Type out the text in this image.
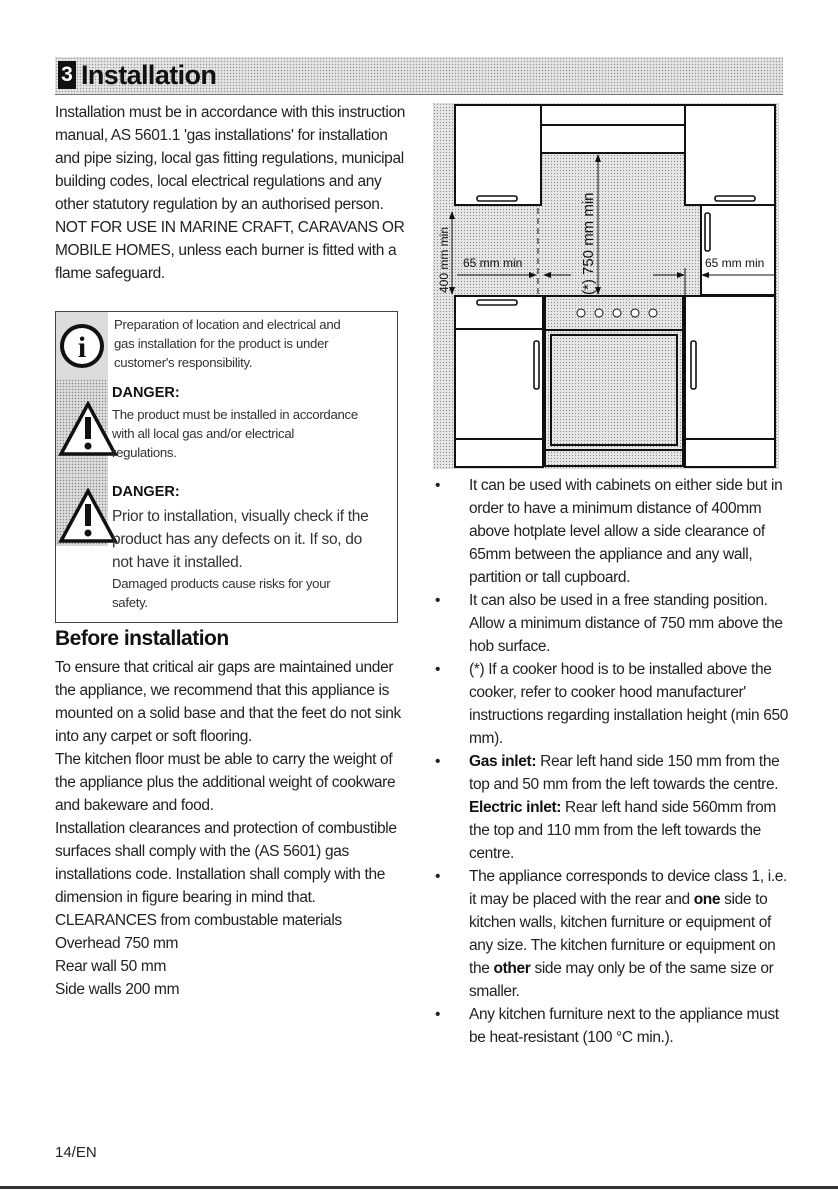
3 Installation

Installation must be in accordance with this instruction manual, AS 5601.1 'gas installations' for installation and pipe sizing, local gas fitting regulations, municipal building codes, local electrical regulations and any other statutory regulation by an authorised person.

NOT FOR USE IN MARINE CRAFT, CARAVANS OR MOBILE HOMES, unless each burner is fitted with a flame safeguard.

i
Preparation of location and electrical and
gas installation for the product is under
customer's responsibility.
DANGER:
The product must be installed in accordance
with all local gas and/or electrical
regulations.
DANGER:
Prior to installation, visually check if the
product has any defects on it. If so, do
not have it installed.
Damaged products cause risks for your
safety.
Before installation

To ensure that critical air gaps are maintained under the appliance, we recommend that this appliance is mounted on a solid base and that the feet do not sink into any carpet or soft flooring.

The kitchen floor must be able to carry the weight of the appliance plus the additional weight of cookware and bakeware and food.

Installation clearances and protection of combustible surfaces shall comply with the (AS 5601) gas installations code. Installation shall comply with the dimension in figure bearing in mind that.

CLEARANCES from combustable materials

Overhead 750 mm

Rear wall 50 mm

Side walls 200 mm

400 mm min	(*) 750 mm min
65 mm min	65 mm min
• It can be used with cabinets on either side but in order to have a minimum distance of 400mm above hotplate level allow a side clearance of 65mm between the appliance and any wall, partition or tall cupboard.
• It can also be used in a free standing position. Allow a minimum distance of 750 mm above the hob surface.
• (*) If a cooker hood is to be installed above the cooker, refer to cooker hood manufacturer' instructions regarding installation height (min 650 mm).
• Gas inlet: Rear left hand side 150 mm from the top and 50 mm from the left towards the centre.
Electric inlet: Rear left hand side 560mm from the top and 110 mm from the left towards the centre.
• The appliance corresponds to device class 1, i.e. it may be placed with the rear and one side to kitchen walls, kitchen furniture or equipment of any size. The kitchen furniture or equipment on the other side may only be of the same size or smaller.
• Any kitchen furniture next to the appliance must be heat-resistant (100 °C min.).
14/EN
